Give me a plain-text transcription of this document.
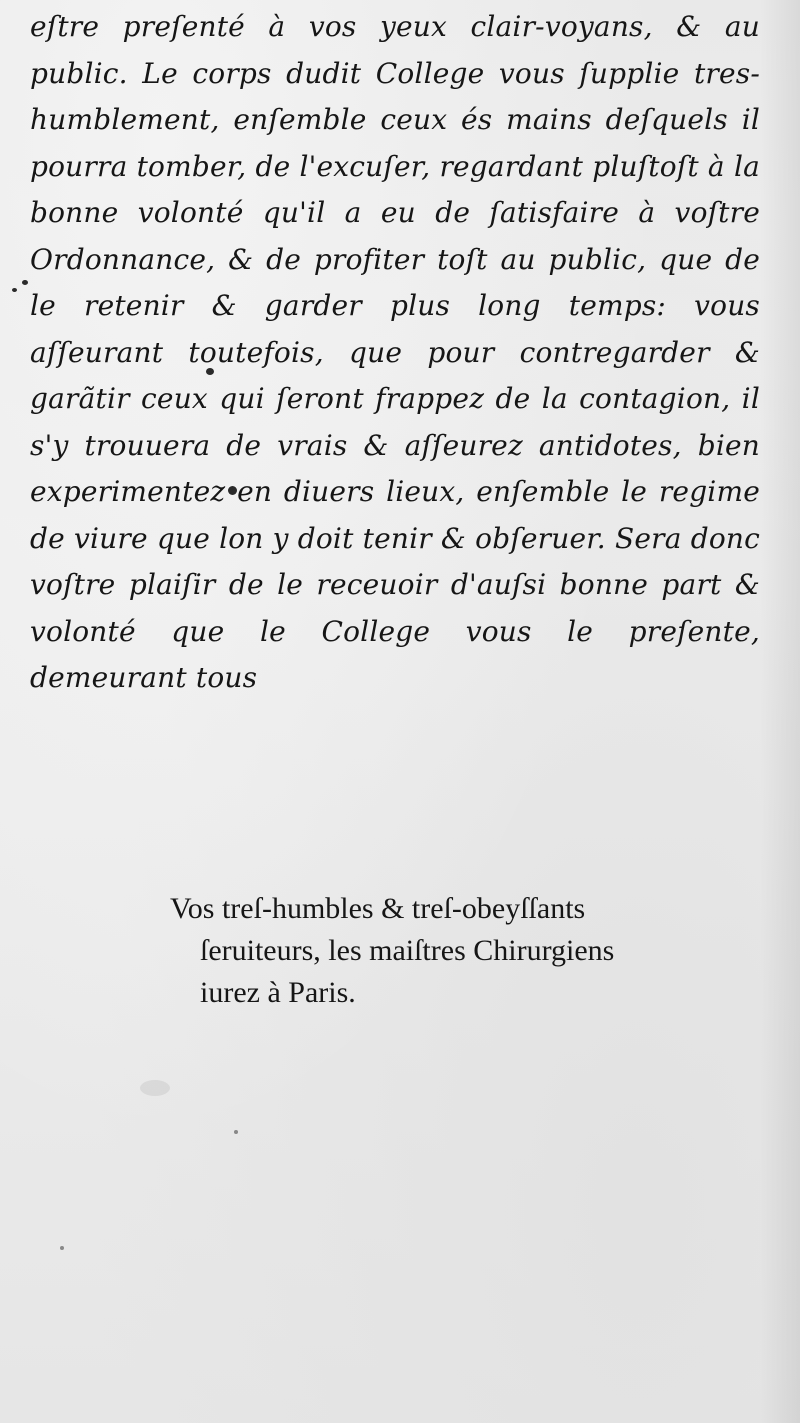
eſtre preſenté à vos yeux clair-voyans, & au public. Le corps dudit College vous ſupplie tres-humblement, enſemble ceux és mains deſquels il pourra tomber, de l'excuſer, regardant pluſtoſt à la bonne volonté qu'il a eu de ſatisfaire à voſtre Ordonnance, & de profiter toſt au public, que de le retenir & garder plus long temps: vous aſſeurant toutefois, que pour contregarder & garãtir ceux qui ſeront frappez de la contagion, il s'y trouuera de vrais & aſſeurez antidotes, bien experimentez en diuers lieux, enſemble le regime de viure que lon y doit tenir & obſeruer. Sera donc voſtre plaiſir de le receuoir d'auſsi bonne part & volonté que le College vous le preſente, demeurant tous

Vos treſ-humbles & treſ-obeyſſants
ſeruiteurs, les maiſtres Chirurgiens
iurez à Paris.
